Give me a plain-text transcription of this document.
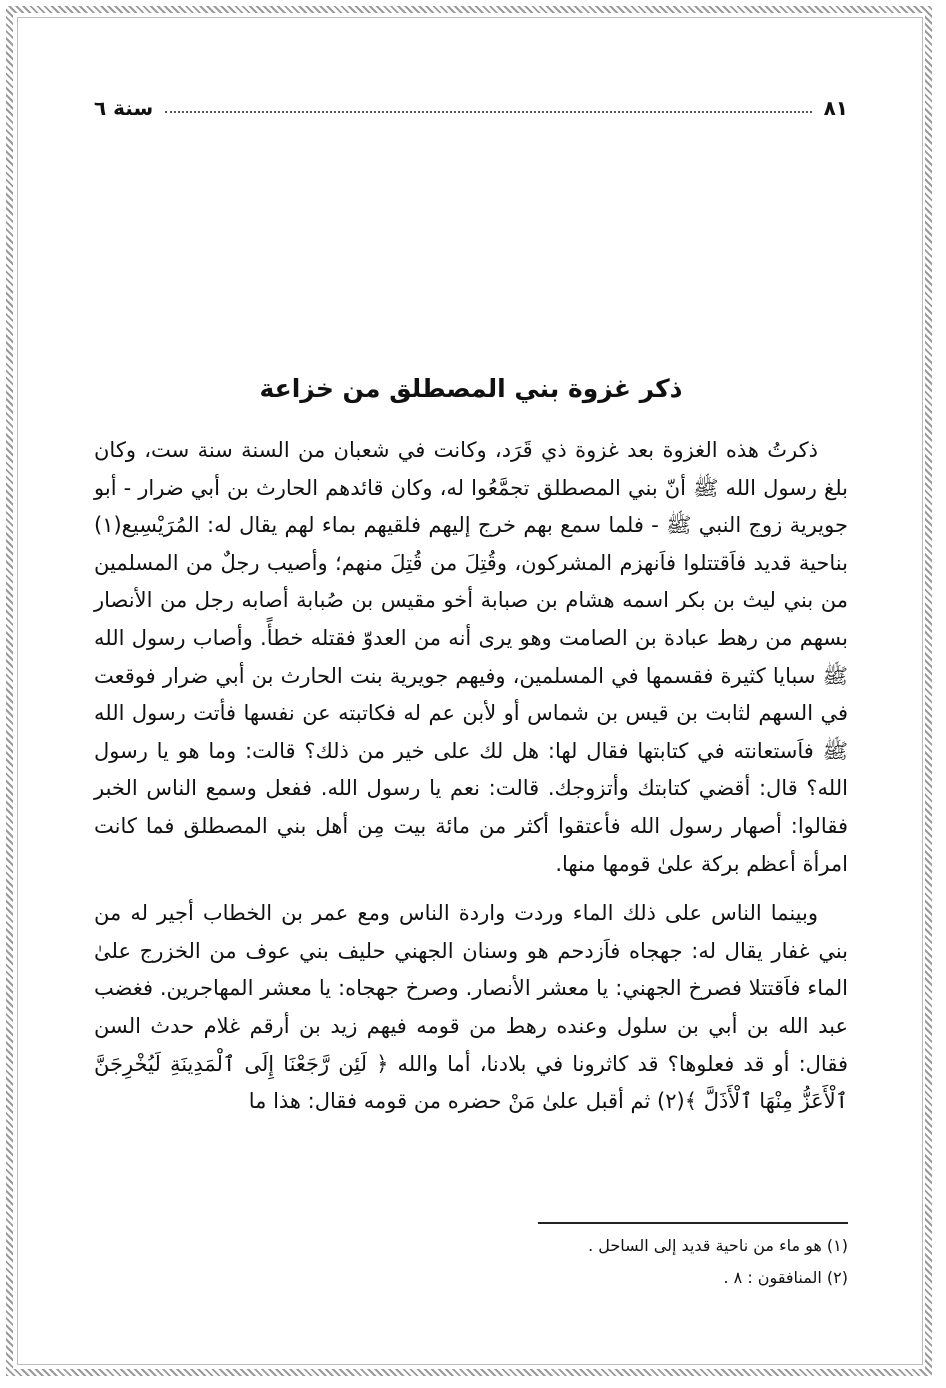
سنة ٦	٨١
ذكر غزوة بني المصطلق من خزاعة

ذكرتُ هذه الغزوة بعد غزوة ذي قَرَد، وكانت في شعبان من السنة سنة ست، وكان بلغ رسول الله ﷺ أنّ بني المصطلق تجمَّعُوا له، وكان قائدهم الحارث بن أبي ضرار - أبو جويرية زوج النبي ﷺ - فلما سمع بهم خرج إليهم فلقيهم بماء لهم يقال له: المُرَيْسِيع(١) بناحية قديد فاَقتتلوا فاَنهزم المشركون، وقُتِلَ من قُتِلَ منهم؛ وأصيب رجلٌ من المسلمين من بني ليث بن بكر اسمه هشام بن صبابة أخو مقيس بن صُبابة أصابه رجل من الأنصار بسهم من رهط عبادة بن الصامت وهو يرى أنه من العدوّ فقتله خطأً. وأصاب رسول الله ﷺ سبايا كثيرة فقسمها في المسلمين، وفيهم جويرية بنت الحارث بن أبي ضرار فوقعت في السهم لثابت بن قيس بن شماس أو لأبن عم له فكاتبته عن نفسها فأتت رسول الله ﷺ فاَستعانته في كتابتها فقال لها: هل لك على خير من ذلك؟ قالت: وما هو يا رسول الله؟ قال: أقضي كتابتك وأتزوجك. قالت: نعم يا رسول الله. ففعل وسمع الناس الخبر فقالوا: أصهار رسول الله فأعتقوا أكثر من مائة بيت مِن أهل بني المصطلق فما كانت امرأة أعظم بركة علىٰ قومها منها.

وبينما الناس على ذلك الماء وردت واردة الناس ومع عمر بن الخطاب أجير له من بني غفار يقال له: جهجاه فاَزدحم هو وسنان الجهني حليف بني عوف من الخزرج علىٰ الماء فاَقتتلا فصرخ الجهني: يا معشر الأنصار. وصرخ جهجاه: يا معشر المهاجرين. فغضب عبد الله بن أبي بن سلول وعنده رهط من قومه فيهم زيد بن أرقم غلام حدث السن فقال: أو قد فعلوها؟ قد كاثرونا في بلادنا، أما والله ﴿ لَئِن رَّجَعْنَا إِلَى ٱلْمَدِينَةِ لَيُخْرِجَنَّ ٱلْأَعَزُّ مِنْهَا ٱلْأَذَلَّ ﴾(٢) ثم أقبل علىٰ مَنْ حضره من قومه فقال: هذا ما

(١) هو ماء من ناحية قديد إلى الساحل .
(٢) المنافقون : ٨ .
